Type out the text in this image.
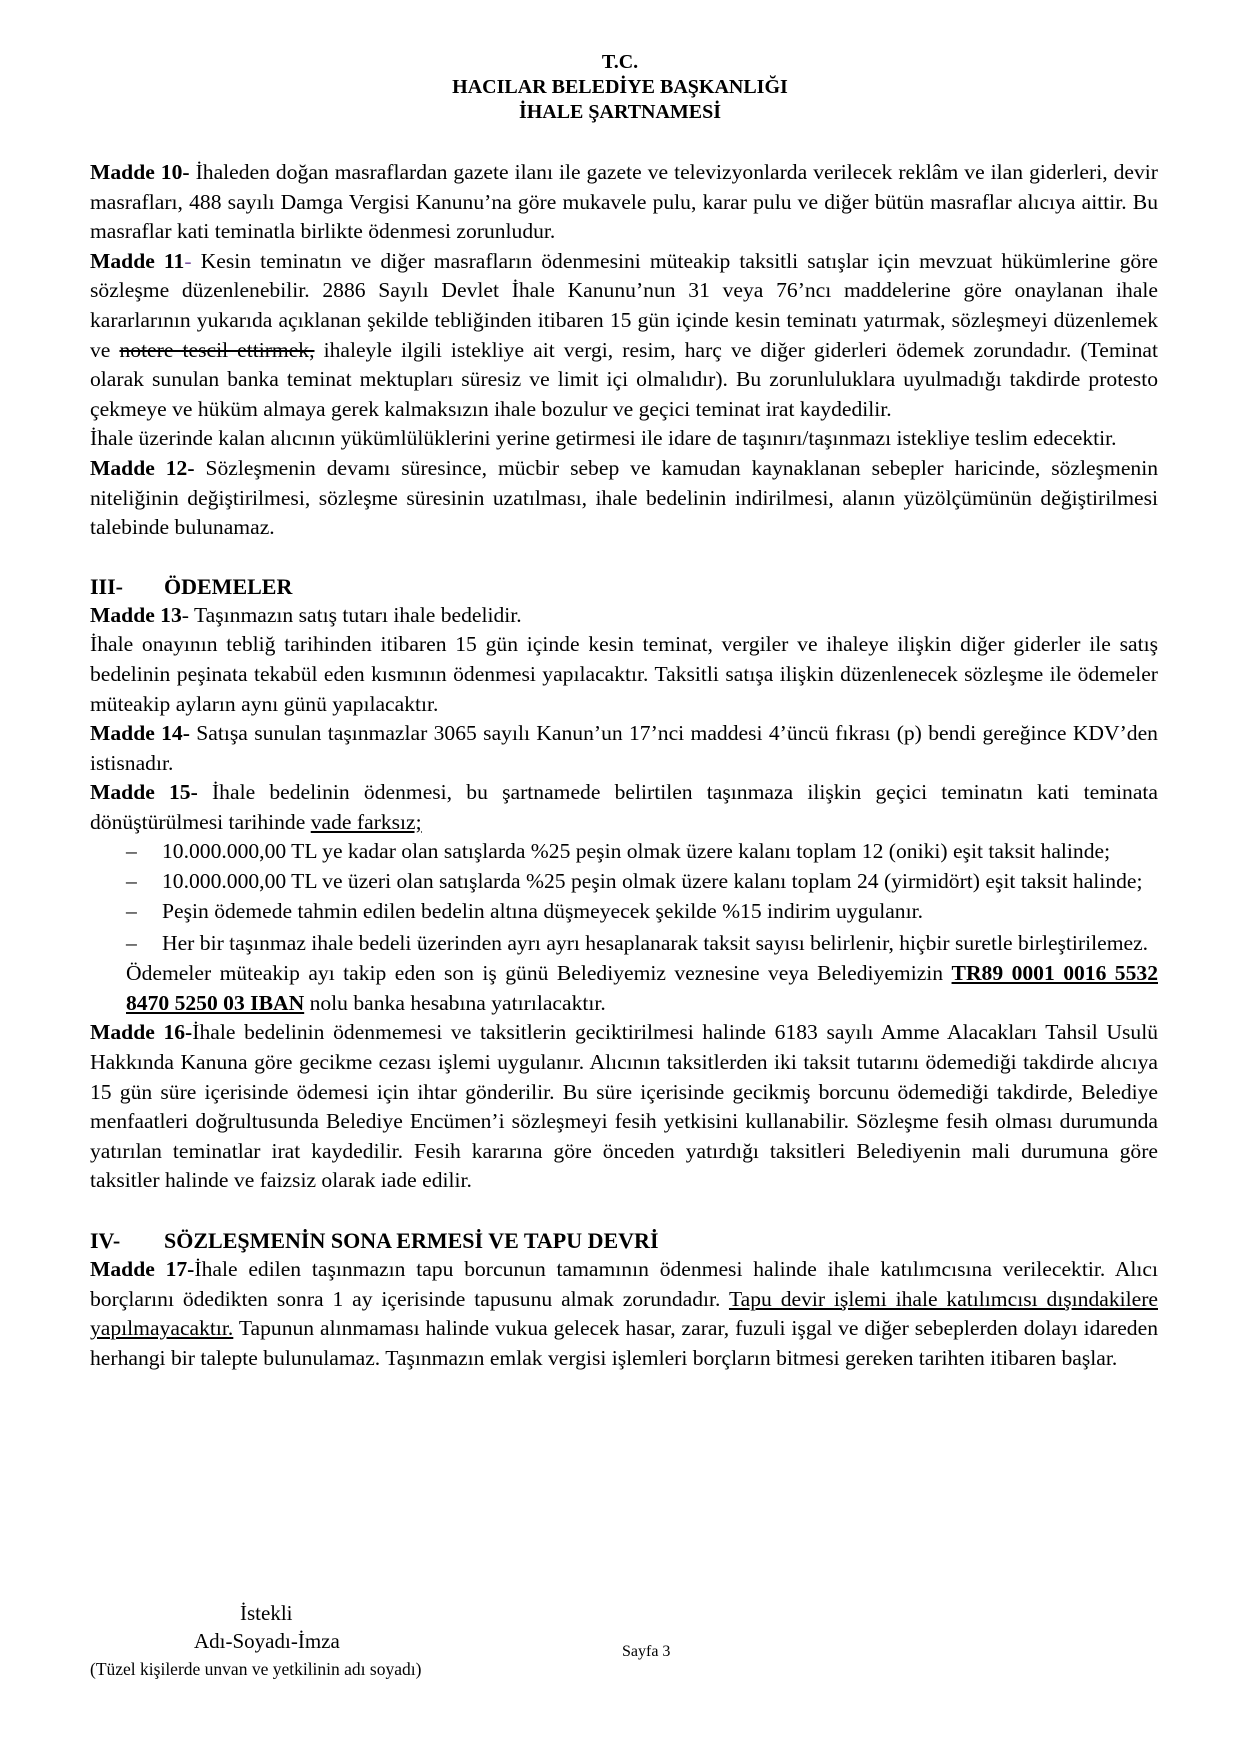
T.C.
HACILAR BELEDİYE BAŞKANLIĞI
İHALE ŞARTNAMESİ

Madde 10- İhaleden doğan masraflardan gazete ilanı ile gazete ve televizyonlarda verilecek reklâm ve ilan giderleri, devir masrafları, 488 sayılı Damga Vergisi Kanunu’na göre mukavele pulu, karar pulu ve diğer bütün masraflar alıcıya aittir. Bu masraflar kati teminatla birlikte ödenmesi zorunludur.

Madde 11- Kesin teminatın ve diğer masrafların ödenmesini müteakip taksitli satışlar için mevzuat hükümlerine göre sözleşme düzenlenebilir. 2886 Sayılı Devlet İhale Kanunu’nun 31 veya 76’ncı maddelerine göre onaylanan ihale kararlarının yukarıda açıklanan şekilde tebliğinden itibaren 15 gün içinde kesin teminatı yatırmak, sözleşmeyi düzenlemek ve notere tescil ettirmek, ihaleyle ilgili istekliye ait vergi, resim, harç ve diğer giderleri ödemek zorundadır. (Teminat olarak sunulan banka teminat mektupları süresiz ve limit içi olmalıdır). Bu zorunluluklara uyulmadığı takdirde protesto çekmeye ve hüküm almaya gerek kalmaksızın ihale bozulur ve geçici teminat irat kaydedilir.

İhale üzerinde kalan alıcının yükümlülüklerini yerine getirmesi ile idare de taşınırı/taşınmazı istekliye teslim edecektir.

Madde 12- Sözleşmenin devamı süresince, mücbir sebep ve kamudan kaynaklanan sebepler haricinde, sözleşmenin niteliğinin değiştirilmesi, sözleşme süresinin uzatılması, ihale bedelinin indirilmesi, alanın yüzölçümünün değiştirilmesi talebinde bulunamaz.

III-	ÖDEMELER

Madde 13- Taşınmazın satış tutarı ihale bedelidir.

İhale onayının tebliğ tarihinden itibaren 15 gün içinde kesin teminat, vergiler ve ihaleye ilişkin diğer giderler ile satış bedelinin peşinata tekabül eden kısmının ödenmesi yapılacaktır. Taksitli satışa ilişkin düzenlenecek sözleşme ile ödemeler müteakip ayların aynı günü yapılacaktır.

Madde 14- Satışa sunulan taşınmazlar 3065 sayılı Kanun’un 17’nci maddesi 4’üncü fıkrası (p) bendi gereğince KDV’den istisnadır.

Madde 15- İhale bedelinin ödenmesi, bu şartnamede belirtilen taşınmaza ilişkin geçici teminatın kati teminata dönüştürülmesi tarihinde vade farksız;

– 10.000.000,00 TL ye kadar olan satışlarda %25 peşin olmak üzere kalanı toplam 12 (oniki) eşit taksit halinde;
– 10.000.000,00 TL ve üzeri olan satışlarda %25 peşin olmak üzere kalanı toplam 24 (yirmidört) eşit taksit halinde;
– Peşin ödemede tahmin edilen bedelin altına düşmeyecek şekilde %15 indirim uygulanır.
– Her bir taşınmaz ihale bedeli üzerinden ayrı ayrı hesaplanarak taksit sayısı belirlenir, hiçbir suretle birleştirilemez.

Ödemeler müteakip ayı takip eden son iş günü Belediyemiz veznesine veya Belediyemizin TR89 0001 0016 5532 8470 5250 03 IBAN nolu banka hesabına yatırılacaktır.

Madde 16-İhale bedelinin ödenmemesi ve taksitlerin geciktirilmesi halinde 6183 sayılı Amme Alacakları Tahsil Usulü Hakkında Kanuna göre gecikme cezası işlemi uygulanır. Alıcının taksitlerden iki taksit tutarını ödemediği takdirde alıcıya 15 gün süre içerisinde ödemesi için ihtar gönderilir. Bu süre içerisinde gecikmiş borcunu ödemediği takdirde, Belediye menfaatleri doğrultusunda Belediye Encümen’i sözleşmeyi fesih yetkisini kullanabilir. Sözleşme fesih olması durumunda yatırılan teminatlar irat kaydedilir. Fesih kararına göre önceden yatırdığı taksitleri Belediyenin mali durumuna göre taksitler halinde ve faizsiz olarak iade edilir.

IV-	SÖZLEŞMENİN SONA ERMESİ VE TAPU DEVRİ

Madde 17-İhale edilen taşınmazın tapu borcunun tamamının ödenmesi halinde ihale katılımcısına verilecektir. Alıcı borçlarını ödedikten sonra 1 ay içerisinde tapusunu almak zorundadır. Tapu devir işlemi ihale katılımcısı dışındakilere yapılmayacaktır. Tapunun alınmaması halinde vukua gelecek hasar, zarar, fuzuli işgal ve diğer sebeplerden dolayı idareden herhangi bir talepte bulunulamaz. Taşınmazın emlak vergisi işlemleri borçların bitmesi gereken tarihten itibaren başlar.

İstekli
Adı-Soyadı-İmza
(Tüzel kişilerde unvan ve yetkilinin adı soyadı)
Sayfa 3
